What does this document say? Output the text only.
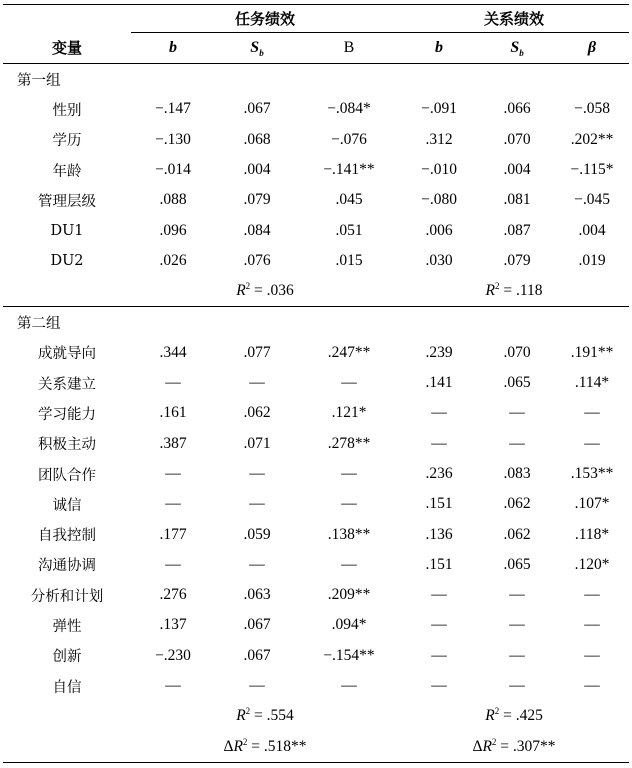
	任务绩效			关系绩效		
变量	b	$S_b$	B	b	$S_b$	β
第一组						
性别	−.147	.067	−.084*	−.091	.066	−.058
学历	−.130	.068	−.076	.312	.070	.202**
年龄	−.014	.004	−.141**	−.010	.004	−.115*
管理层级	.088	.079	.045	−.080	.081	−.045
DU1	.096	.084	.051	.006	.087	.004
DU2	.026	.076	.015	.030	.079	.019
	$R^2 = .036$			$R^2 = .118$		
第二组						
成就导向	.344	.077	.247**	.239	.070	.191**
关系建立	—	—	—	.141	.065	.114*
学习能力	.161	.062	.121*	—	—	—
积极主动	.387	.071	.278**	—	—	—
团队合作	—	—	—	.236	.083	.153**
诚信	—	—	—	.151	.062	.107*
自我控制	.177	.059	.138**	.136	.062	.118*
沟通协调	—	—	—	.151	.065	.120*
分析和计划	.276	.063	.209**	—	—	—
弹性	.137	.067	.094*	—	—	—
创新	−.230	.067	−.154**	—	—	—
自信	—	—	—	—	—	—
	$R^2 = .554$			$R^2 = .425$		
	$\Delta R^2 = .518**$			$\Delta R^2 = .307**$		
